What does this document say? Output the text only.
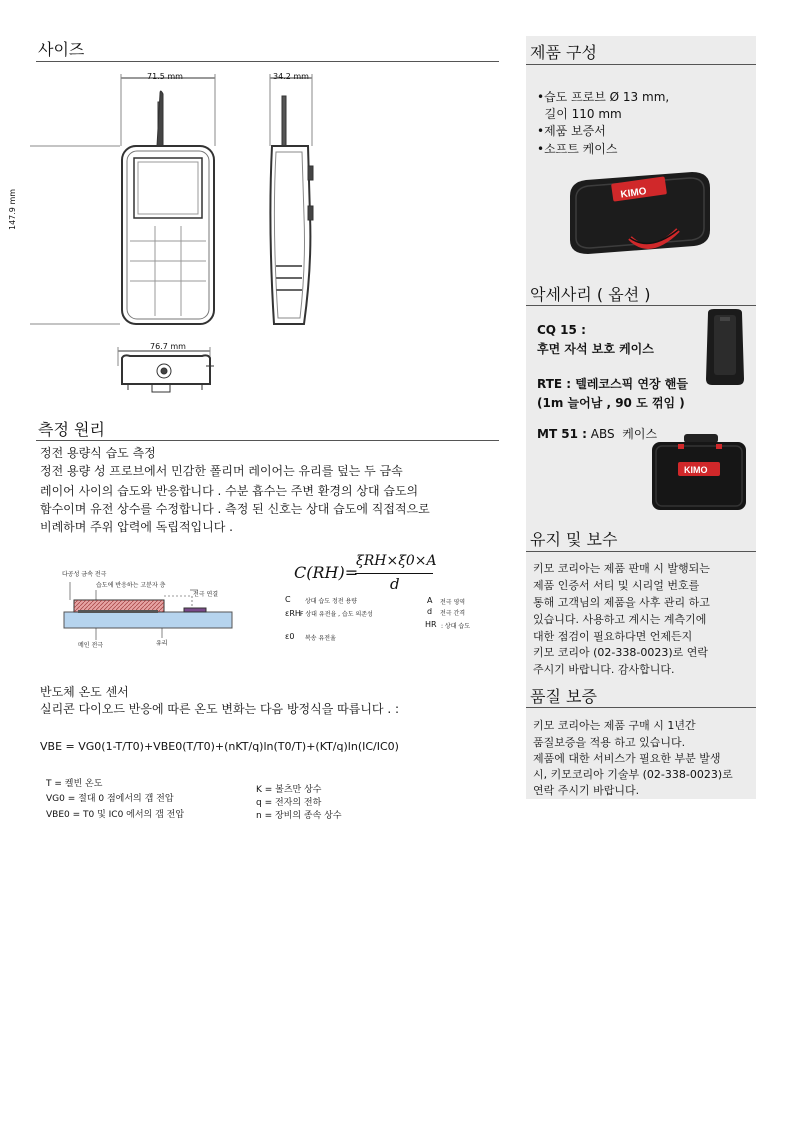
사이즈
71.5 mm	34.2 mm
76.7 mm
147.9 mm
측정 원리
정전 용량식 습도 측정
정전 용량 성 프로브에서 민감한 폴리머 레이어는 유리를 덮는 두 금속
레이어 사이의 습도와 반응합니다 . 수분 흡수는 주변 환경의 상대 습도의
함수이며 유전 상수를 수정합니다 . 측정 된 신호는 상대 습도에 직접적으로
비례하며 주위 압력에 독립적입니다 .
다공성 금속 전극
습도에 반응하는 고분자 층
전극 연결
메인 전극	유리
C(RH)=
ξRH×ξ0×A
d
C 상대 습도 정전 용량
εRH F 상대 유전율 , 습도 의존성
ε0 복송 유전율
A 전극 영역
d 전극 간격
HR : 상대 습도
반도체 온도 센서
실리콘 다이오드 반응에 따른 온도 변화는 다음 방정식을 따릅니다 . :
VBE = VG0(1-T/T0)+VBE0(T/T0)+(nKT/q)ln(T0/T)+(KT/q)ln(IC/IC0)
T = 켈빈 온도
VG0 = 절대 0 점에서의 갭 전압
VBE0 = T0 및 IC0 에서의 갭 전압
K = 볼츠만 상수
q = 전자의 전하
n = 장비의 종속 상수
제품 구성
•습도 프로브 Ø 13 mm,
길이 110 mm
•제품 보증서
•소프트 케이스
KIMO
악세사리 ( 옵션 )
CQ 15 :
후면 자석 보호 케이스
RTE : 텔레코스픽 연장 핸들
(1m 늘어남 , 90 도 꺾임 )
MT 51 : ABS  케이스
KIMO
유지 및 보수
키모 코리아는 제품 판매 시 발행되는
제품 인증서 서티 및 시리얼 번호를
통해 고객님의 제품을 사후 관리 하고
있습니다. 사용하고 계시는 계측기에
대한 점검이 필요하다면 언제든지
키모 코리아 (02-338-0023)로 연락
주시기 바랍니다. 감사합니다.
품질 보증
키모 코리아는 제품 구매 시 1년간
품질보증을 적용 하고 있습니다.
제품에 대한 서비스가 필요한 부분 발생
시, 키모코리아 기술부 (02-338-0023)로
연락 주시기 바랍니다.
